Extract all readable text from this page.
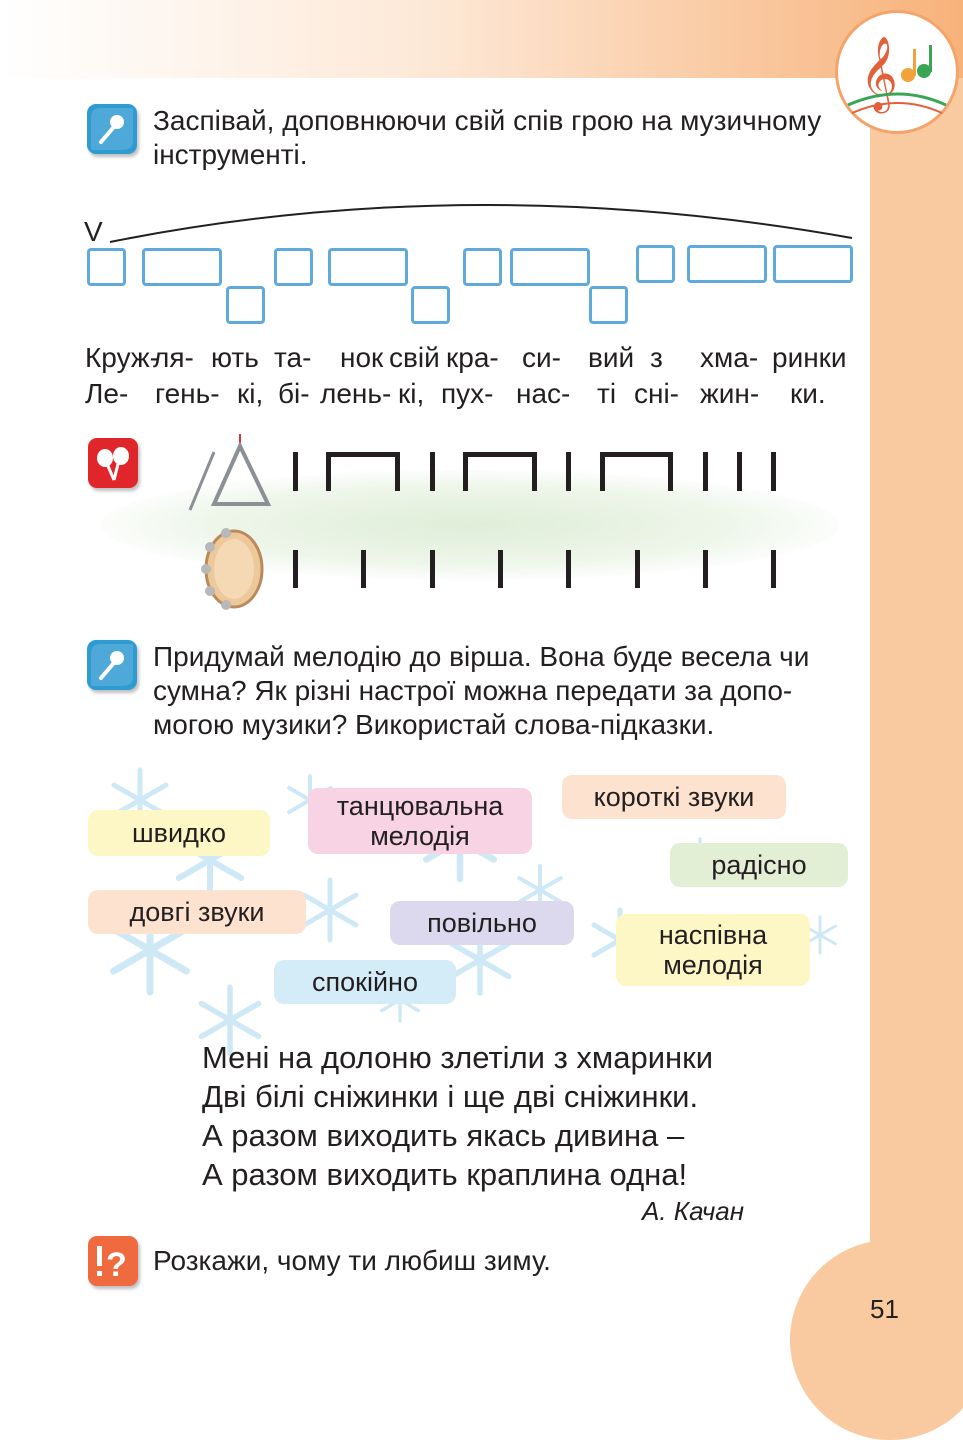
𝄞
Заспівай, доповнюючи свій спів грою на музичному
інструменті.
V
Круж-
ля- ють та- нок свій кра- си- вий з хма- ринки
Ле- гень- кі, бі- лень- кі, пух- нас- ті сні- жин- ки.
Придумай мелодію до вірша. Вона буде весела чи
сумна? Як різні настрої можна передати за допо-
могою музики? Використай слова-підказки.
швидко
танцювальна
мелодія
короткі звуки
радісно
довгі звуки	повільно	наспівна
мелодія
спокійно
Мені на долоню злетіли з хмаринки
Дві білі сніжинки і ще дві сніжинки.
А разом виходить якась дивина –
А разом виходить краплина одна!
А. Качан
? Розкажи, чому ти любиш зиму.
51
